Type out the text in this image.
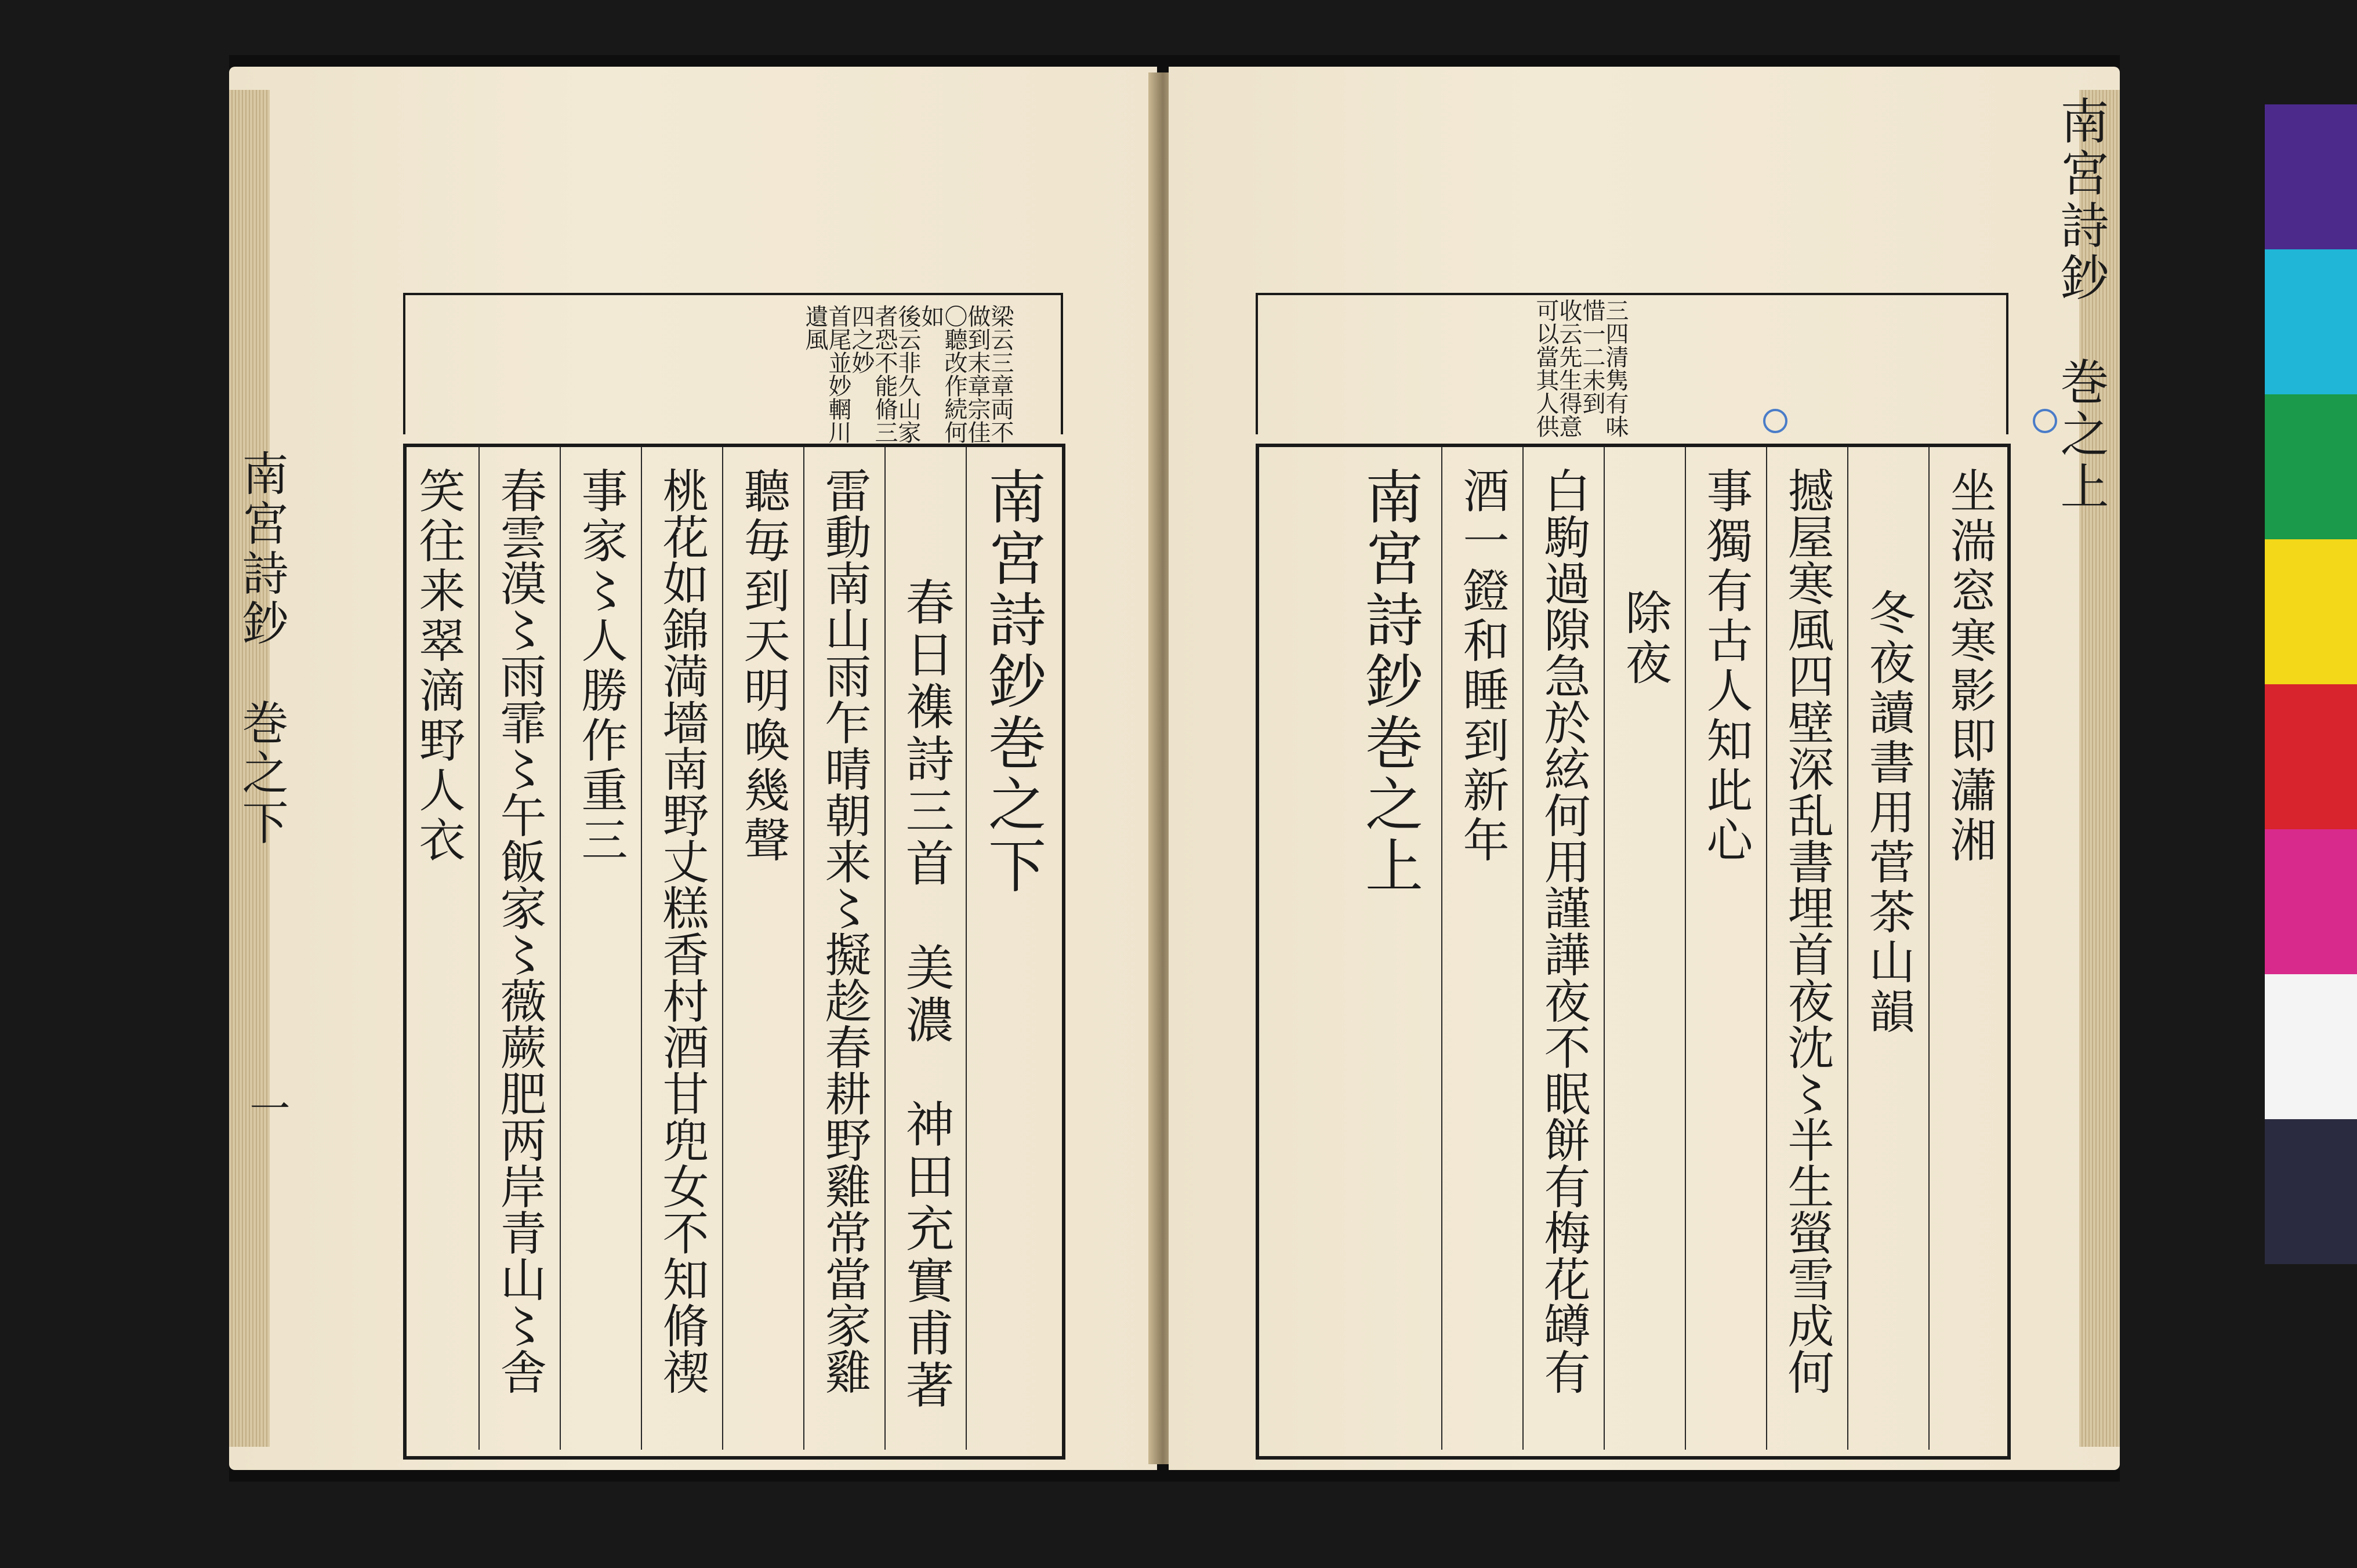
南宮詩鈔　巻之下
一
梁云三章両不
做到末章宗佳
〇聽改作続何
如
後云非久山家
者恐不能脩三
四之妙
首尾並妙輞川
遺風
南宮詩鈔巻之下
春日襍詩三首　美濃　神田充實甫著
雷動南山雨乍晴朝来〻擬趁春耕野雞常當家雞
聽毎到天明喚幾聲
桃花如錦満墻南野丈糕香村酒甘兜女不知脩禊
事家〻人勝作重三
春雲漠〻雨霏〻午飯家〻薇蕨肥两岸青山〻舎
笑往来翠滴野人衣
南宮詩鈔　巻之上
三四清隽有味
惜一二未到
收云先生得意
可以當其人供
坐湍窓寒影即瀟湘
冬夜讀書用菅茶山韻
撼屋寒風四壁深乱書埋首夜沈〻半生螢雪成何
事獨有古人知此心
除夜
白駒過隙急於絃何用謹譁夜不眠餅有梅花罇有
酒一鐙和睡到新年
南宮詩鈔巻之上
